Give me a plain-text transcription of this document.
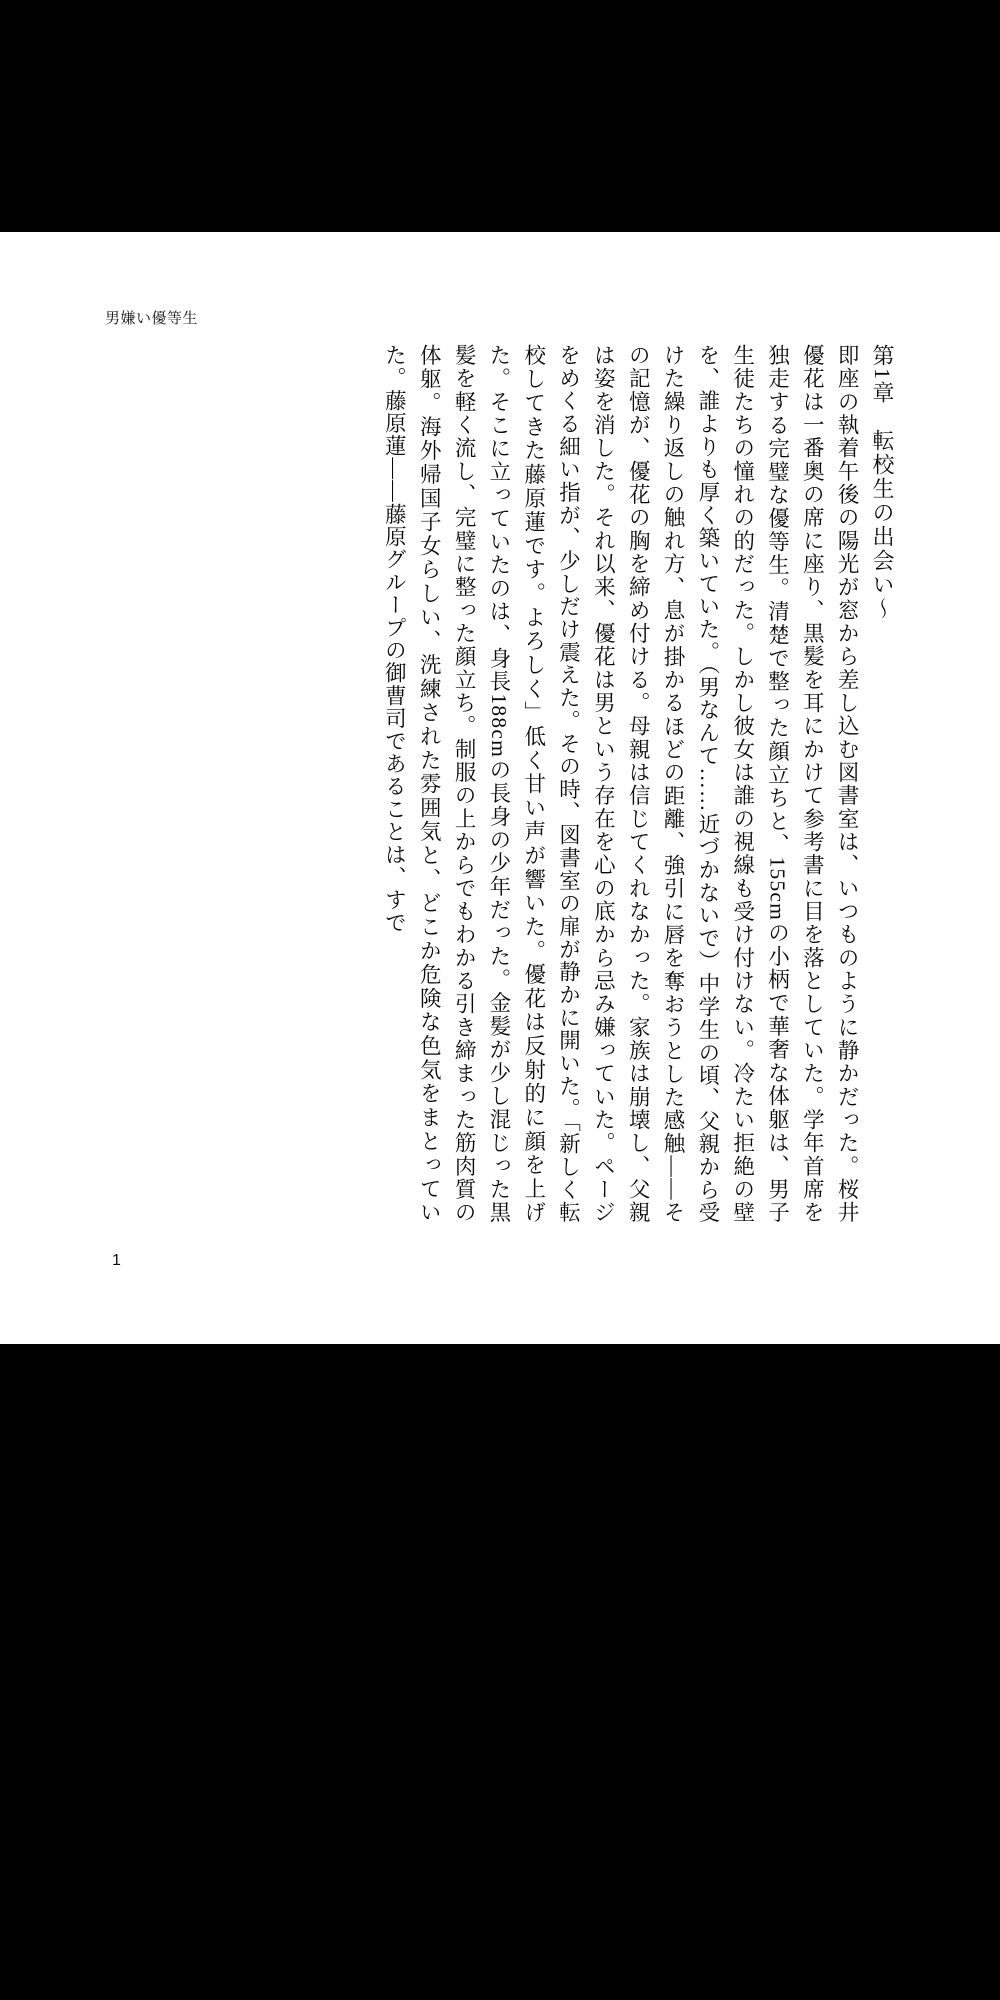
男嫌い優等生
第1章　転校生の出会い〜
即座の執着午後の陽光が窓から差し込む図書室は、いつものように静かだった。桜井優花は一番奥の席に座り、黒髪を耳にかけて参考書に目を落としていた。学年首席を独走する完璧な優等生。清楚で整った顔立ちと、155cmの小柄で華奢な体躯は、男子生徒たちの憧れの的だった。しかし彼女は誰の視線も受け付けない。冷たい拒絶の壁を、誰よりも厚く築いていた。（男なんて……近づかないで）中学生の頃、父親から受けた繰り返しの触れ方、息が掛かるほどの距離、強引に唇を奪おうとした感触——その記憶が、優花の胸を締め付ける。母親は信じてくれなかった。家族は崩壊し、父親は姿を消した。それ以来、優花は男という存在を心の底から忌み嫌っていた。ページをめくる細い指が、少しだけ震えた。その時、図書室の扉が静かに開いた。「新しく転校してきた藤原蓮です。よろしく」低く甘い声が響いた。優花は反射的に顔を上げた。そこに立っていたのは、身長188cmの長身の少年だった。金髪が少し混じった黒髪を軽く流し、完璧に整った顔立ち。制服の上からでもわかる引き締まった筋肉質の体躯。海外帰国子女らしい、洗練された雰囲気と、どこか危険な色気をまとっていた。藤原蓮——藤原グループの御曹司であることは、すで
1
